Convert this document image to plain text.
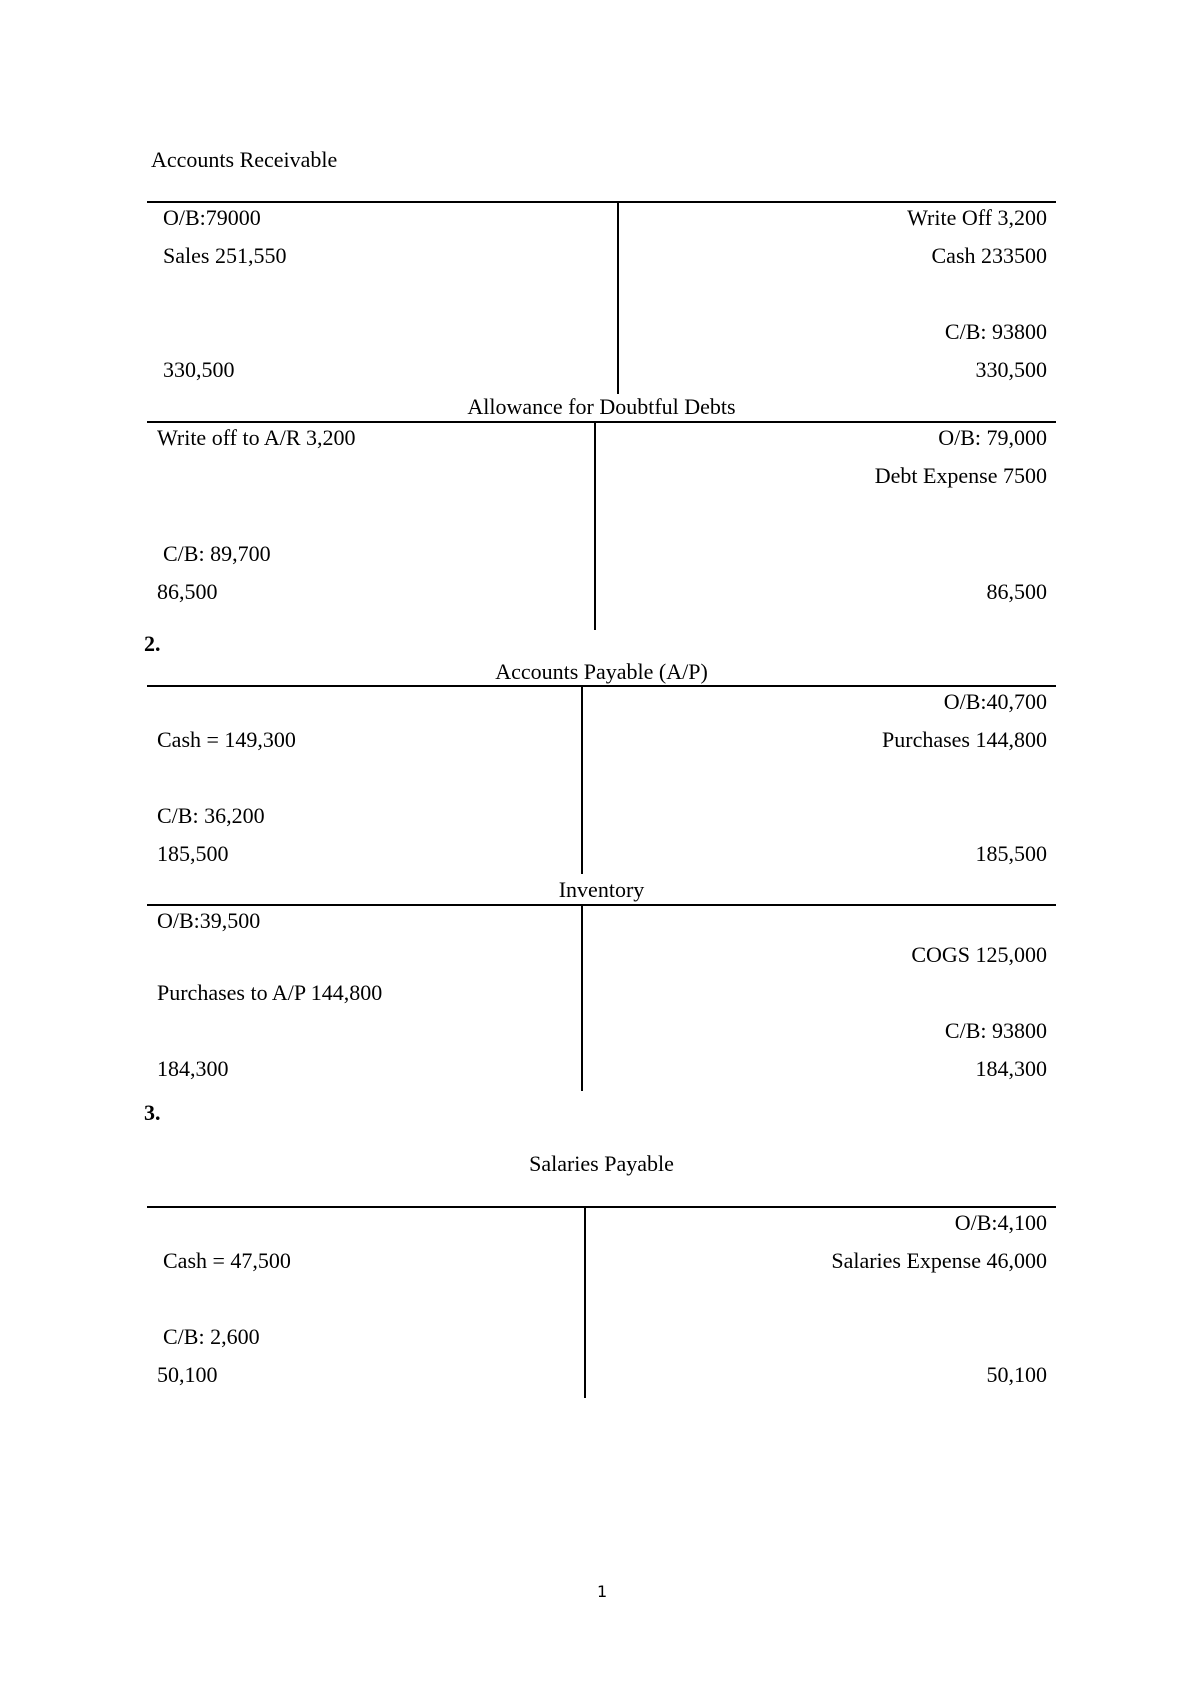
Accounts Receivable
O/B:79000
Sales 251,550
330,500
Write Off 3,200
Cash 233500
C/B: 93800
330,500
Allowance for Doubtful Debts
Write off to A/R 3,200
C/B: 89,700
86,500
O/B: 79,000
Debt Expense 7500
86,500
2.
Accounts Payable (A/P)
Cash = 149,300
C/B: 36,200
185,500
O/B:40,700
Purchases 144,800
185,500
Inventory
O/B:39,500
Purchases to A/P 144,800
184,300
COGS 125,000
C/B: 93800
184,300
3.
Salaries Payable
Cash = 47,500
C/B: 2,600
50,100
O/B:4,100
Salaries Expense 46,000
50,100
1
